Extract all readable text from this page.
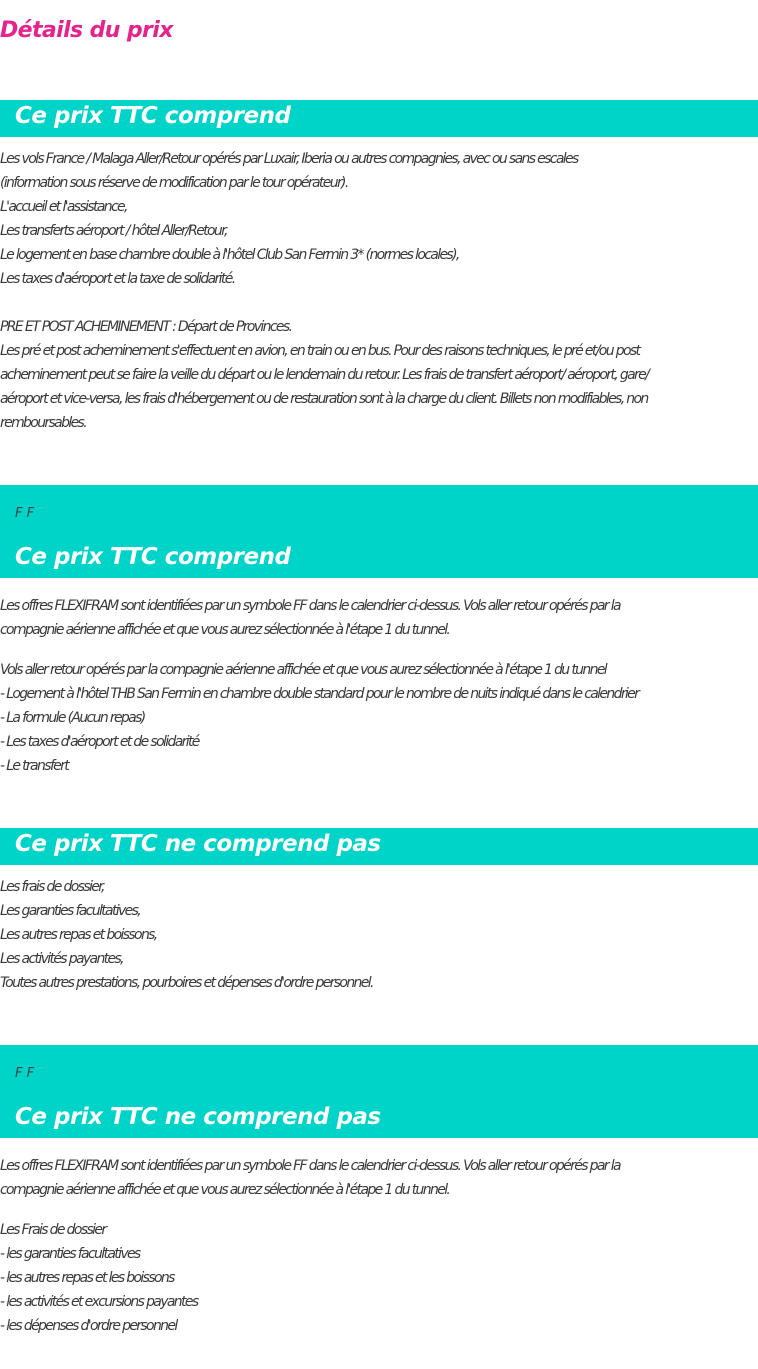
Détails du prix
Ce prix TTC comprend
Les vols France / Malaga Aller/Retour opérés par Luxair, Iberia ou autres compagnies, avec ou sans escales
(information sous réserve de modification par le tour opérateur).
L'accueil et l'assistance,
Les transferts aéroport / hôtel Aller/Retour,
Le logement en base chambre double à l'hôtel Club San Fermin 3* (normes locales),
Les taxes d'aéroport et la taxe de solidarité.
PRE ET POST ACHEMINEMENT : Départ de Provinces.
Les pré et post acheminement s'effectuent en avion, en train ou en bus. Pour des raisons techniques, le pré et/ou post
acheminement peut se faire la veille du départ ou le lendemain du retour. Les frais de transfert aéroport/ aéroport, gare/
aéroport et vice-versa, les frais d'hébergement ou de restauration sont à la charge du client. Billets non modifiables, non
remboursables.
F F
Ce prix TTC comprend
Les offres FLEXIFRAM sont identifiées par un symbole FF dans le calendrier ci-dessus. Vols aller retour opérés par la
compagnie aérienne affichée et que vous aurez sélectionnée à l'étape 1 du tunnel.
Vols aller retour opérés par la compagnie aérienne affichée et que vous aurez sélectionnée à l'étape 1 du tunnel
- Logement à l'hôtel THB San Fermin en chambre double standard pour le nombre de nuits indiqué dans le calendrier
- La formule (Aucun repas)
- Les taxes d'aéroport et de solidarité
- Le transfert
Ce prix TTC ne comprend pas
Les frais de dossier,
Les garanties facultatives,
Les autres repas et boissons,
Les activités payantes,
Toutes autres prestations, pourboires et dépenses d'ordre personnel.
F F
Ce prix TTC ne comprend pas
Les offres FLEXIFRAM sont identifiées par un symbole FF dans le calendrier ci-dessus. Vols aller retour opérés par la
compagnie aérienne affichée et que vous aurez sélectionnée à l'étape 1 du tunnel.
Les Frais de dossier
- les garanties facultatives
- les autres repas et les boissons
- les activités et excursions payantes
- les dépenses d'ordre personnel
